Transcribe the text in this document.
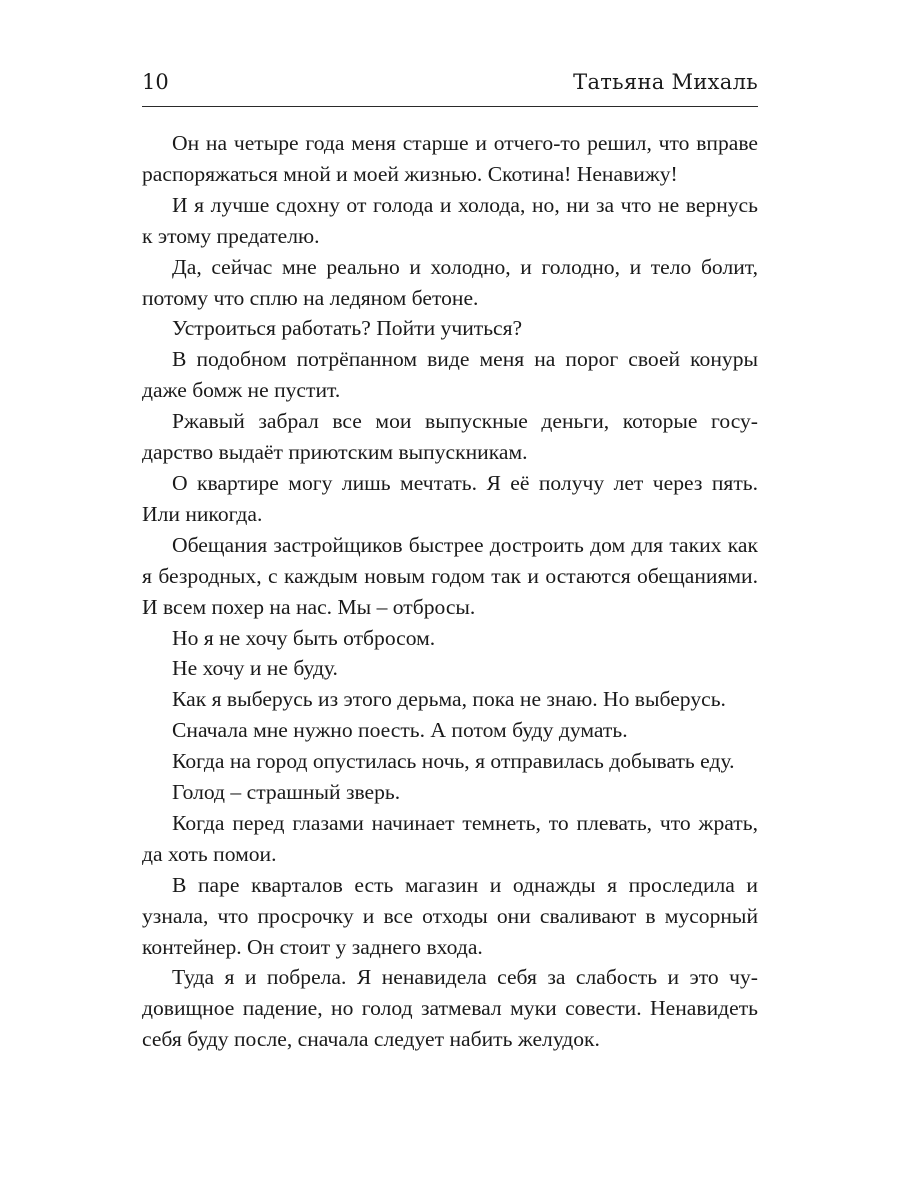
10	Татьяна Михаль

Он на четыре года меня старше и отчего-то решил, что вправе распоряжаться мной и моей жизнью. Скотина! Ненавижу!

И я лучше сдохну от голода и холода, но, ни за что не вернусь к этому предателю.

Да, сейчас мне реально и холодно, и голодно, и тело болит, потому что сплю на ледяном бетоне.

Устроиться работать? Пойти учиться?

В подобном потрёпанном виде меня на порог своей конуры даже бомж не пустит.

Ржавый забрал все мои выпускные деньги, которые государство выдаёт приютским выпускникам.

О квартире могу лишь мечтать. Я её получу лет через пять. Или никогда.

Обещания застройщиков быстрее достроить дом для таких как я безродных, с каждым новым годом так и остаются обещаниями. И всем похер на нас. Мы – отбросы.

Но я не хочу быть отбросом.

Не хочу и не буду.

Как я выберусь из этого дерьма, пока не знаю. Но выберусь.

Сначала мне нужно поесть. А потом буду думать.

Когда на город опустилась ночь, я отправилась добывать еду.

Голод – страшный зверь.

Когда перед глазами начинает темнеть, то плевать, что жрать, да хоть помои.

В паре кварталов есть магазин и однажды я проследила и узнала, что просрочку и все отходы они сваливают в мусорный контейнер. Он стоит у заднего входа.

Туда я и побрела. Я ненавидела себя за слабость и это чудовищное падение, но голод затмевал муки совести. Ненавидеть себя буду после, сначала следует набить желудок.
